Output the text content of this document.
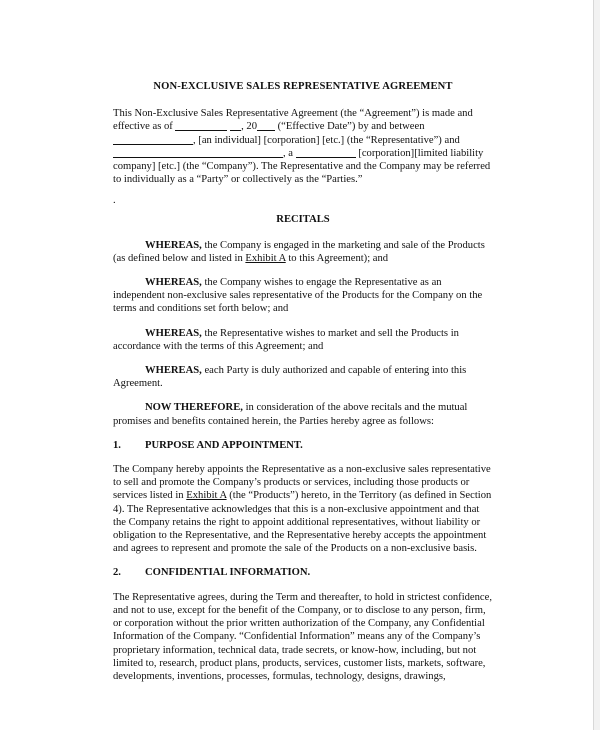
NON-EXCLUSIVE SALES REPRESENTATIVE AGREEMENT

This Non-Exclusive Sales Representative Agreement (the “Agreement”) is made and effective as of	, 20 (“Effective Date”) by and between , [an individual] [corporation] [etc.] (the “Representative”) and , a	[corporation][limited liability company] [etc.] (the “Company”). The Representative and the Company may be referred to individually as a “Party” or collectively as the “Parties.”

.

RECITALS

WHEREAS, the Company is engaged in the marketing and sale of the Products (as defined below and listed in Exhibit A to this Agreement); and

WHEREAS, the Company wishes to engage the Representative as an independent non-exclusive sales representative of the Products for the Company on the terms and conditions set forth below; and

WHEREAS, the Representative wishes to market and sell the Products in accordance with the terms of this Agreement; and

WHEREAS, each Party is duly authorized and capable of entering into this Agreement.

NOW THEREFORE, in consideration of the above recitals and the mutual promises and benefits contained herein, the Parties hereby agree as follows:

1. PURPOSE AND APPOINTMENT.

The Company hereby appoints the Representative as a non-exclusive sales representative to sell and promote the Company’s products or services, including those products or services listed in Exhibit A (the “Products”) hereto, in the Territory (as defined in Section 4). The Representative acknowledges that this is a non-exclusive appointment and that the Company retains the right to appoint additional representatives, without liability or obligation to the Representative, and the Representative hereby accepts the appointment and agrees to represent and promote the sale of the Products on a non-exclusive basis.

2. CONFIDENTIAL INFORMATION.

The Representative agrees, during the Term and thereafter, to hold in strictest confidence, and not to use, except for the benefit of the Company, or to disclose to any person, firm, or corporation without the prior written authorization of the Company, any Confidential Information of the Company. “Confidential Information” means any of the Company’s proprietary information, technical data, trade secrets, or know-how, including, but not limited to, research, product plans, products, services, customer lists, markets, software, developments, inventions, processes, formulas, technology, designs, drawings,
